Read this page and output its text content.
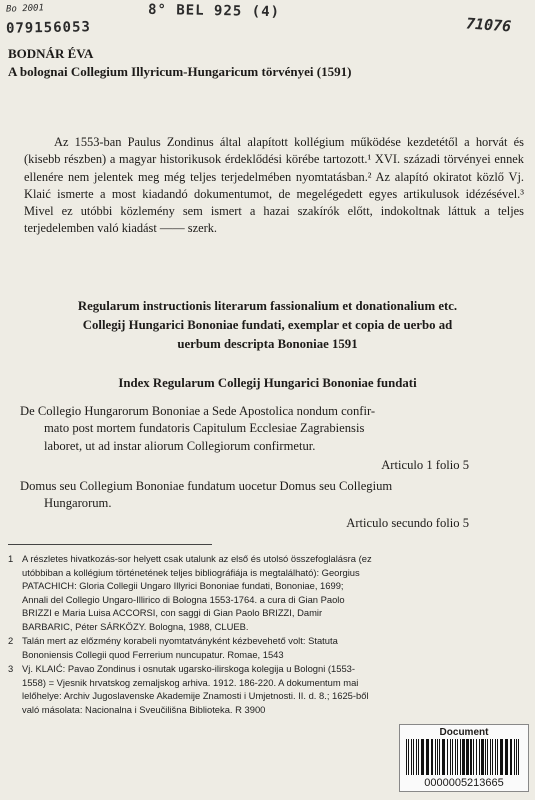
Bo 2001	8° BEL 925 (4)
079156053	71076
BODNÁR ÉVA
A bolognai Collegium Illyricum-Hungaricum törvényei (1591)
Az 1553-ban Paulus Zondinus által alapított kollégium működése kezdetétől a horvát és (kisebb részben) a magyar historikusok érdeklődési körébe tartozott.¹ XVI. századi törvényei ennek ellenére nem jelentek meg még teljes terjedelmében nyomtatásban.² Az alapító okiratot közlő Vj. Klaić ismerte a most kiadandó dokumentumot, de megelégedett egyes artikulusok idézésével.³ Mivel ez utóbbi közlemény sem ismert a hazai szakírók előtt, indokoltnak láttuk a teljes terjedelemben való kiadást —— szerk.
Regularum instructionis literarum fassionalium et donationalium etc.
Collegij Hungarici Bononiae fundati, exemplar et copia de uerbo ad
uerbum descripta Bononiae 1591
Index Regularum Collegij Hungarici Bononiae fundati
De Collegio Hungarorum Bononiae a Sede Apostolica nondum confir-
mato post mortem fundatoris Capitulum Ecclesiae Zagrabiensis
laboret, ut ad instar aliorum Collegiorum confirmetur.
Articulo 1 folio 5
Domus seu Collegium Bononiae fundatum uocetur Domus seu Collegium
Hungarorum.
Articulo secundo folio 5
1 A részletes hivatkozás-sor helyett csak utalunk az első és utolsó összefoglalásra (ez
utóbbiban a kollégium történetének teljes bibliográfiája is megtalálható): Georgius
PATACHICH: Gloria Collegii Ungaro Illyrici Bononiae fundati, Bononiae, 1699;
Annali del Collegio Ungaro-Illirico di Bologna 1553-1764. a cura di Gian Paolo
BRIZZI e Maria Luisa ACCORSI, con saggi di Gian Paolo BRIZZI, Damir
BARBARIC, Péter SÁRKÖZY. Bologna, 1988, CLUEB.
2 Talán mert az előzmény korabeli nyomtatványként kézbevehető volt: Statuta
Bononiensis Collegii quod Ferrerium nuncupatur. Romae, 1543
3 Vj. KLAIĆ: Pavao Zondinus i osnutak ugarsko-ilirskoga kolegija u Bologni (1553-
1558) = Vjesnik hrvatskog zemaljskog arhiva. 1912. 186-220. A dokumentum mai
lelőhelye: Archiv Jugoslavenske Akademije Znamosti i Umjetnosti. II. d. 8.; 1625-ből
való másolata: Nacionalna i Sveučilišna Biblioteka. R 3900
Document
0000005213665
